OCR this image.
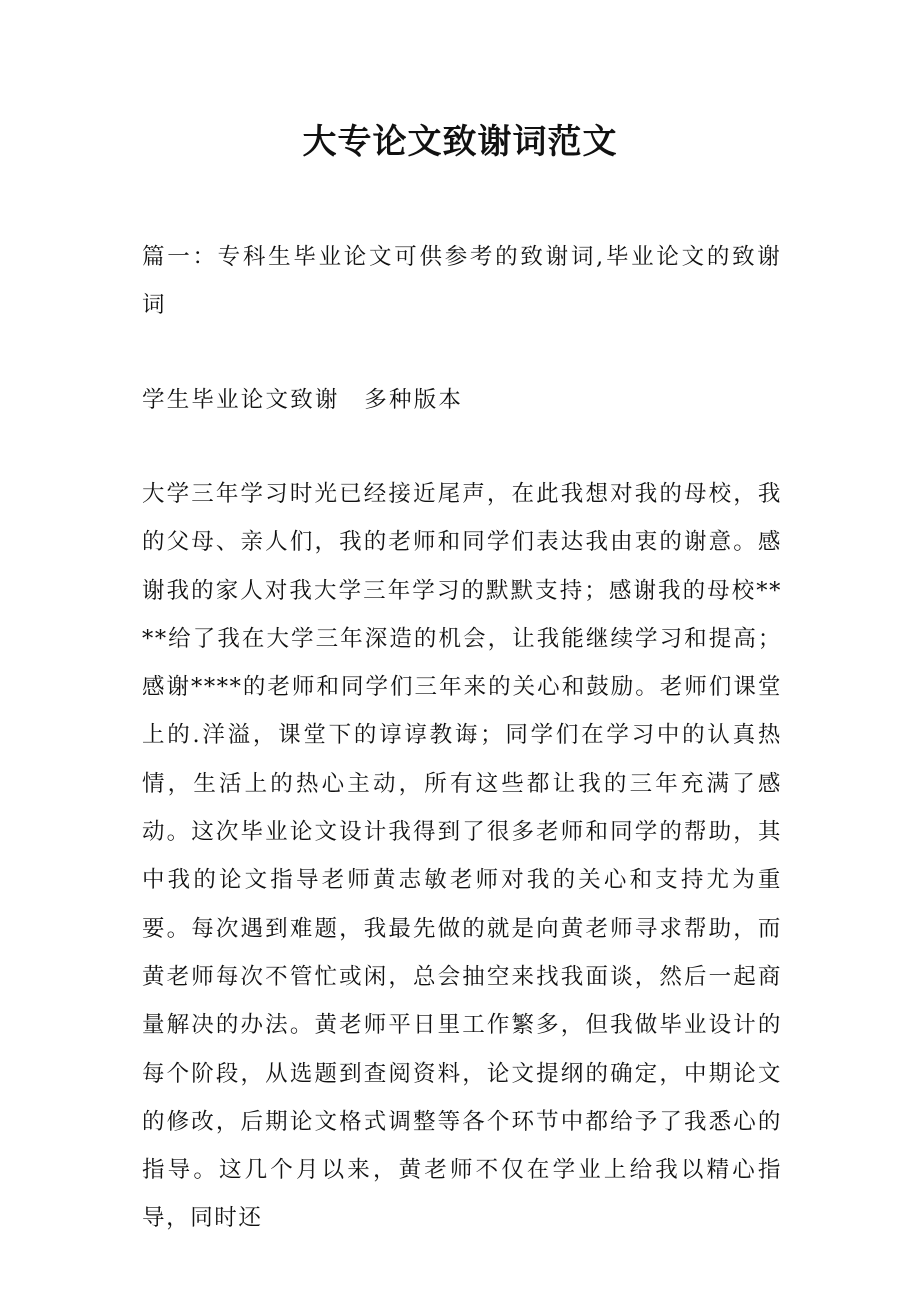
大专论文致谢词范文

篇一：专科生毕业论文可供参考的致谢词,毕业论文的致谢词

学生毕业论文致谢　多种版本

大学三年学习时光已经接近尾声，在此我想对我的母校，我的父母、亲人们，我的老师和同学们表达我由衷的谢意。感谢我的家人对我大学三年学习的默默支持；感谢我的母校****给了我在大学三年深造的机会，让我能继续学习和提高；感谢****的老师和同学们三年来的关心和鼓励。老师们课堂上的.洋溢，课堂下的谆谆教诲；同学们在学习中的认真热情，生活上的热心主动，所有这些都让我的三年充满了感动。这次毕业论文设计我得到了很多老师和同学的帮助，其中我的论文指导老师黄志敏老师对我的关心和支持尤为重要。每次遇到难题，我最先做的就是向黄老师寻求帮助，而黄老师每次不管忙或闲，总会抽空来找我面谈，然后一起商量解决的办法。黄老师平日里工作繁多，但我做毕业设计的每个阶段，从选题到查阅资料，论文提纲的确定，中期论文的修改，后期论文格式调整等各个环节中都给予了我悉心的指导。这几个月以来，黄老师不仅在学业上给我以精心指导，同时还
